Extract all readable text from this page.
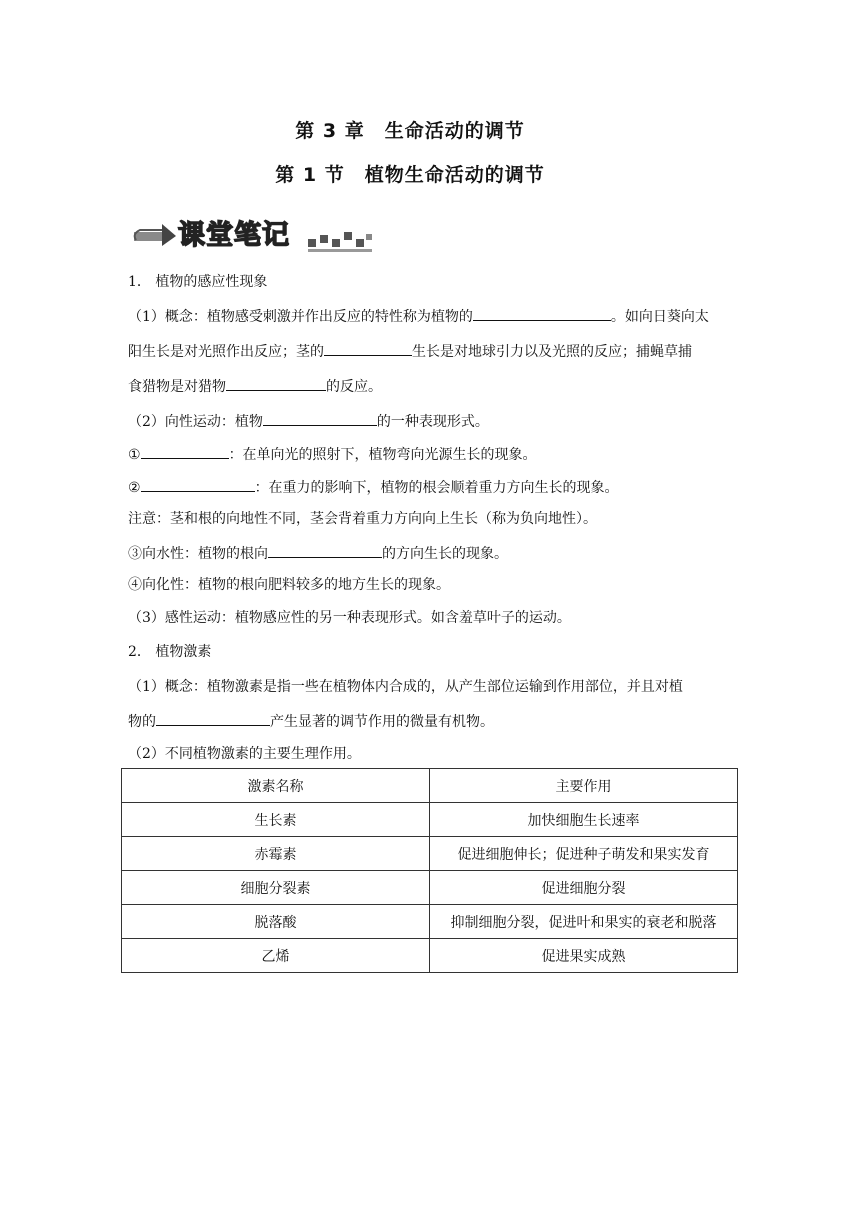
第 3 章　生命活动的调节
第 1 节　植物生命活动的调节
课堂笔记
1． 植物的感应性现象
（1）概念：植物感受刺激并作出反应的特性称为植物的	。如向日葵向太
阳生长是对光照作出反应；茎的	生长是对地球引力以及光照的反应；捕蝇草捕
食猎物是对猎物	的反应。
（2）向性运动：植物	的一种表现形式。
①	：在单向光的照射下，植物弯向光源生长的现象。
②	：在重力的影响下，植物的根会顺着重力方向生长的现象。
注意：茎和根的向地性不同，茎会背着重力方向向上生长（称为负向地性）。
③向水性：植物的根向	的方向生长的现象。
④向化性：植物的根向肥料较多的地方生长的现象。
（3）感性运动：植物感应性的另一种表现形式。如含羞草叶子的运动。
2． 植物激素
（1）概念：植物激素是指一些在植物体内合成的，从产生部位运输到作用部位，并且对植
物的	产生显著的调节作用的微量有机物。
（2）不同植物激素的主要生理作用。
激素名称	主要作用
生长素	加快细胞生长速率
赤霉素	促进细胞伸长；促进种子萌发和果实发育
细胞分裂素	促进细胞分裂
脱落酸	抑制细胞分裂，促进叶和果实的衰老和脱落
乙烯	促进果实成熟
